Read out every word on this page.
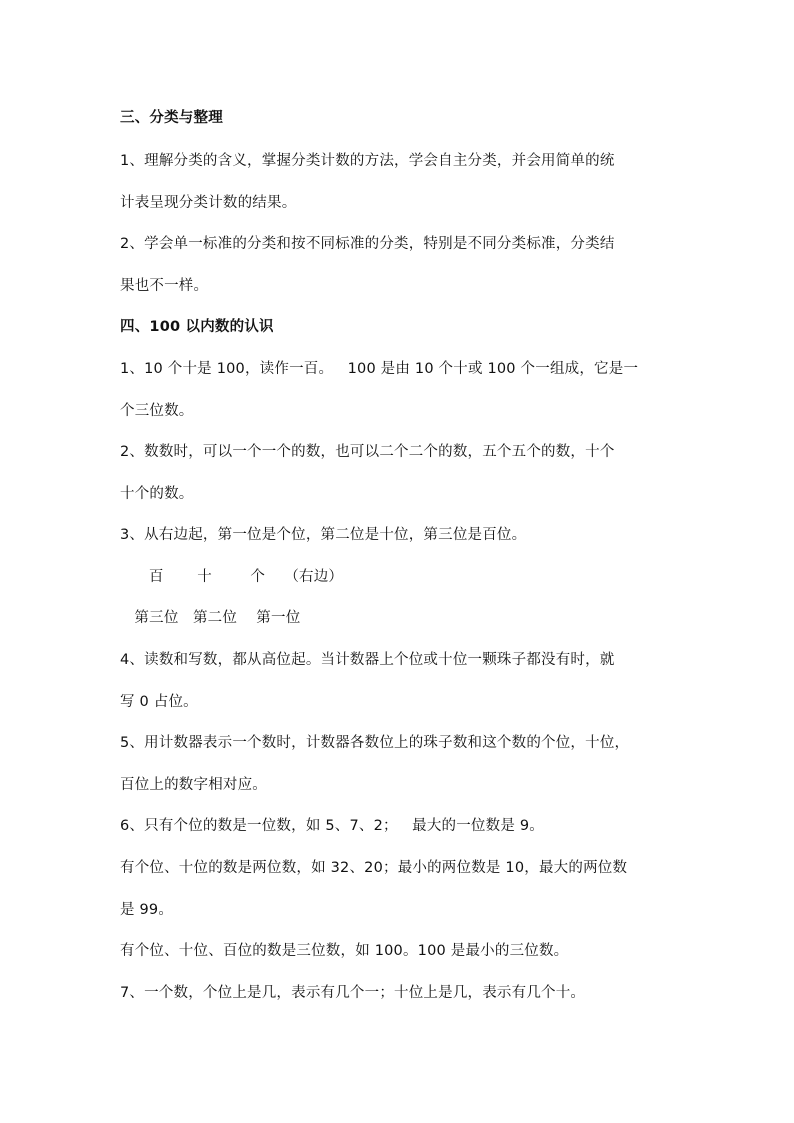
三、分类与整理
1、理解分类的含义，掌握分类计数的方法，学会自主分类，并会用简单的统
计表呈现分类计数的结果。
2、学会单一标准的分类和按不同标准的分类，特别是不同分类标准，分类结
果也不一样。
四、100 以内数的认识
1、10 个十是 100，读作一百。   100 是由 10 个十或 100 个一组成，它是一
个三位数。
2、数数时，可以一个一个的数，也可以二个二个的数，五个五个的数，十个
十个的数。
3、从右边起，第一位是个位，第二位是十位，第三位是百位。
百       十        个    （右边）
第三位   第二位    第一位
4、读数和写数，都从高位起。当计数器上个位或十位一颗珠子都没有时，就
写 0 占位。
5、用计数器表示一个数时，计数器各数位上的珠子数和这个数的个位，十位，
百位上的数字相对应。
6、只有个位的数是一位数，如 5、7、2；   最大的一位数是 9。
有个位、十位的数是两位数，如 32、20；最小的两位数是 10，最大的两位数
是 99。
有个位、十位、百位的数是三位数，如 100。100 是最小的三位数。
7、一个数，个位上是几，表示有几个一；十位上是几，表示有几个十。
